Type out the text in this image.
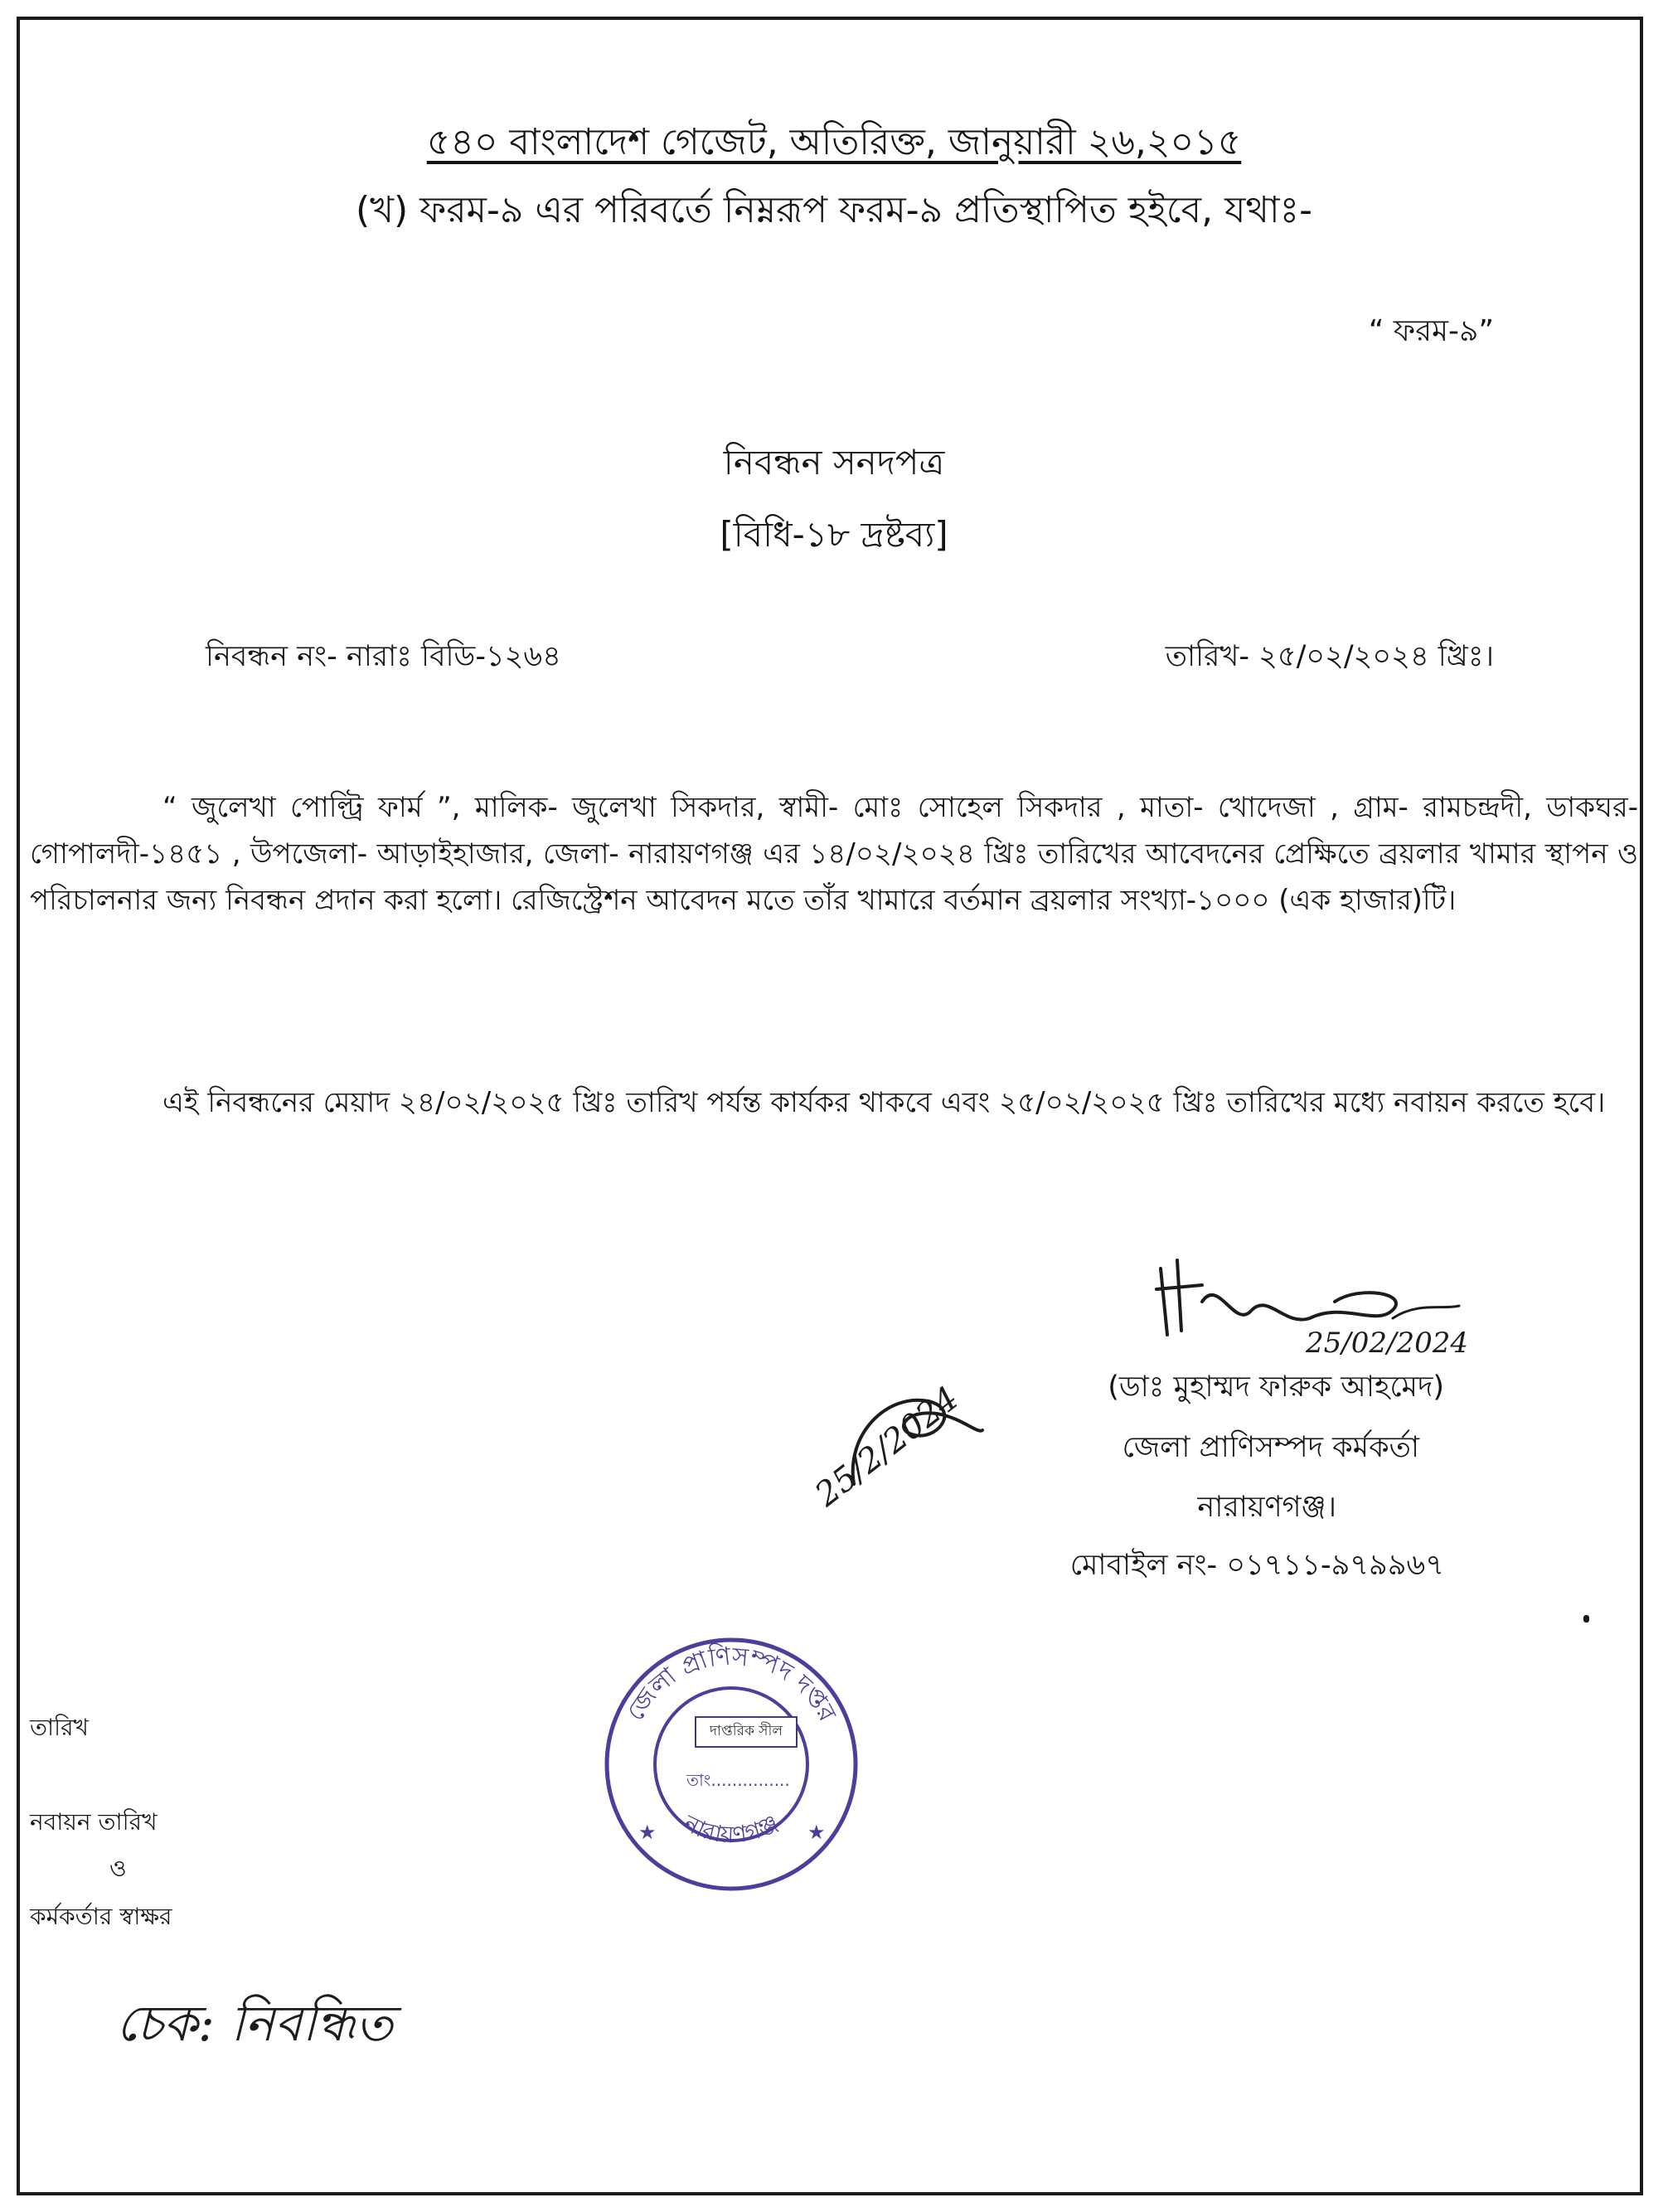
৫৪০ বাংলাদেশ গেজেট, অতিরিক্ত, জানুয়ারী ২৬,২০১৫
(খ) ফরম-৯ এর পরিবর্তে নিম্নরূপ ফরম-৯ প্রতিস্থাপিত হইবে, যথাঃ-
“ ফরম-৯”
নিবন্ধন সনদপত্র
[বিধি-১৮ দ্রষ্টব্য]
নিবন্ধন নং- নারাঃ বিডি-১২৬৪	তারিখ- ২৫/০২/২০২৪ খ্রিঃ।
“ জুলেখা পোল্ট্রি ফার্ম ”, মালিক- জুলেখা সিকদার, স্বামী- মোঃ সোহেল সিকদার , মাতা- খোদেজা , গ্রাম- রামচন্দ্রদী, ডাকঘর- গোপালদী-১৪৫১ , উপজেলা- আড়াইহাজার, জেলা- নারায়ণগঞ্জ এর ১৪/০২/২০২৪ খ্রিঃ তারিখের আবেদনের প্রেক্ষিতে ব্রয়লার খামার স্থাপন ও পরিচালনার জন্য নিবন্ধন প্রদান করা হলো। রেজিস্ট্রেশন আবেদন মতে তাঁর খামারে বর্তমান ব্রয়লার সংখ্যা-১০০০ (এক হাজার)টি।
এই নিবন্ধনের মেয়াদ ২৪/০২/২০২৫ খ্রিঃ তারিখ পর্যন্ত কার্যকর থাকবে এবং ২৫/০২/২০২৫ খ্রিঃ তারিখের মধ্যে নবায়ন করতে হবে।
25/02/2024
(ডাঃ মুহাম্মদ ফারুক আহমেদ)
জেলা প্রাণিসম্পদ কর্মকর্তা
নারায়ণগঞ্জ।
মোবাইল নং- ০১৭১১-৯৭৯৯৬৭
25/2/2024
জেলা প্রাণিসম্পদ দপ্তর
নারায়ণগঞ্জ
★	★
তাং...............
দাপ্তরিক সীল
তারিখ
নবায়ন তারিখ
ও
কর্মকর্তার স্বাক্ষর
চেক: নিবন্ধিত
